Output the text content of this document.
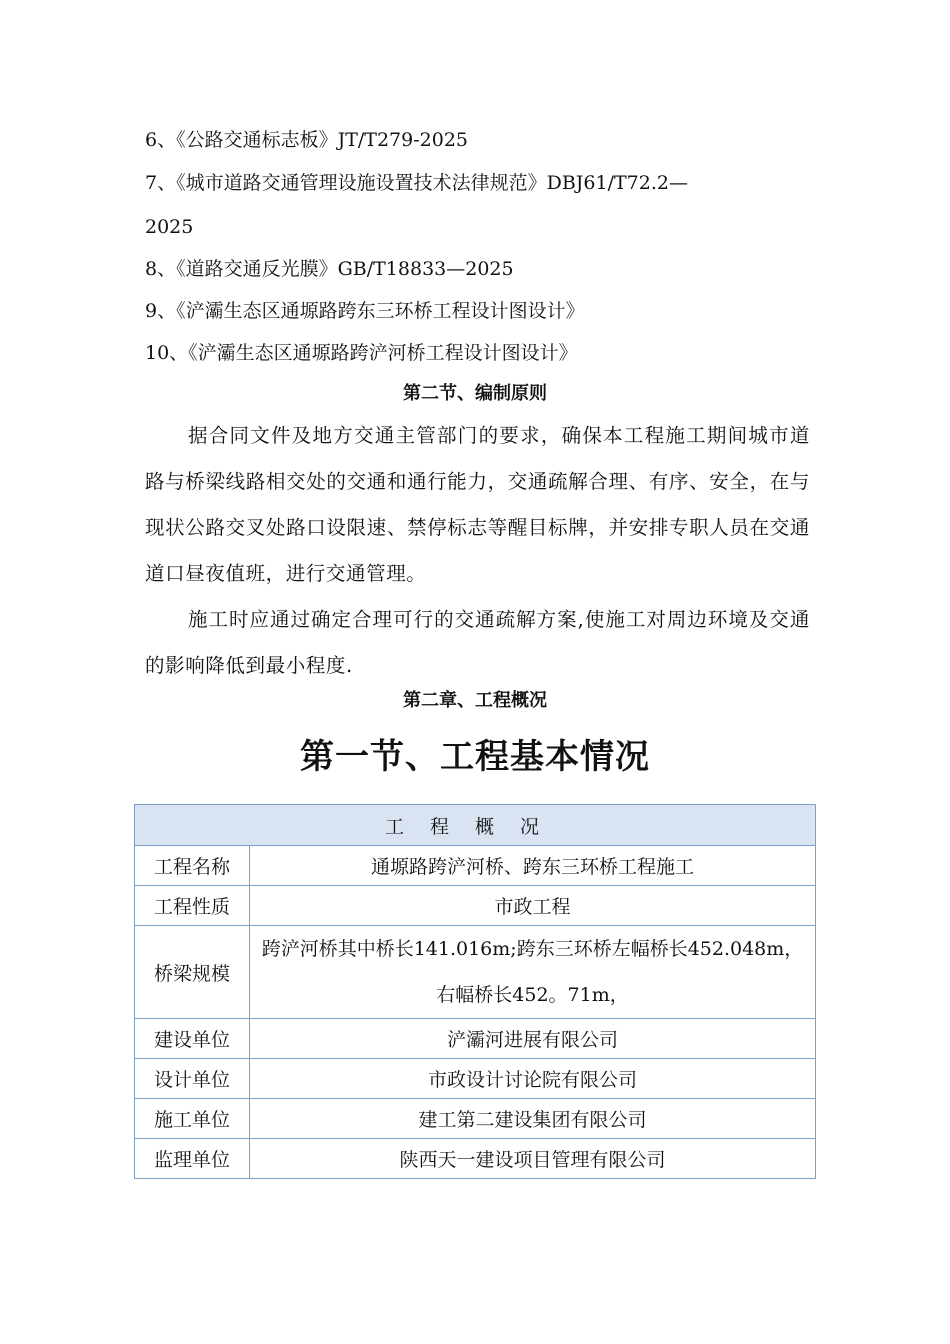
6、《公路交通标志板》JT/T279-2025
7、《城市道路交通管理设施设置技术法律规范》DBJ61/T72.2—
2025
8、《道路交通反光膜》GB/T18833—2025
9、《浐灞生态区通塬路跨东三环桥工程设计图设计》
10、《浐灞生态区通塬路跨浐河桥工程设计图设计》
第二节、编制原则
据合同文件及地方交通主管部门的要求，确保本工程施工期间城市道路与桥梁线路相交处的交通和通行能力，交通疏解合理、有序、安全，在与现状公路交叉处路口设限速、禁停标志等醒目标牌，并安排专职人员在交通道口昼夜值班，进行交通管理。
施工时应通过确定合理可行的交通疏解方案,使施工对周边环境及交通的影响降低到最小程度.
第二章、工程概况
第一节、工程基本情况
工程概况	
工程名称	通塬路跨浐河桥、跨东三环桥工程施工
工程性质	市政工程
桥梁规模	跨浐河桥其中桥长141.016m;跨东三环桥左幅桥长452.048m，右幅桥长452。71m，

建设单位	浐灞河进展有限公司
设计单位	市政设计讨论院有限公司
施工单位	建工第二建设集团有限公司
监理单位	陕西天一建设项目管理有限公司
